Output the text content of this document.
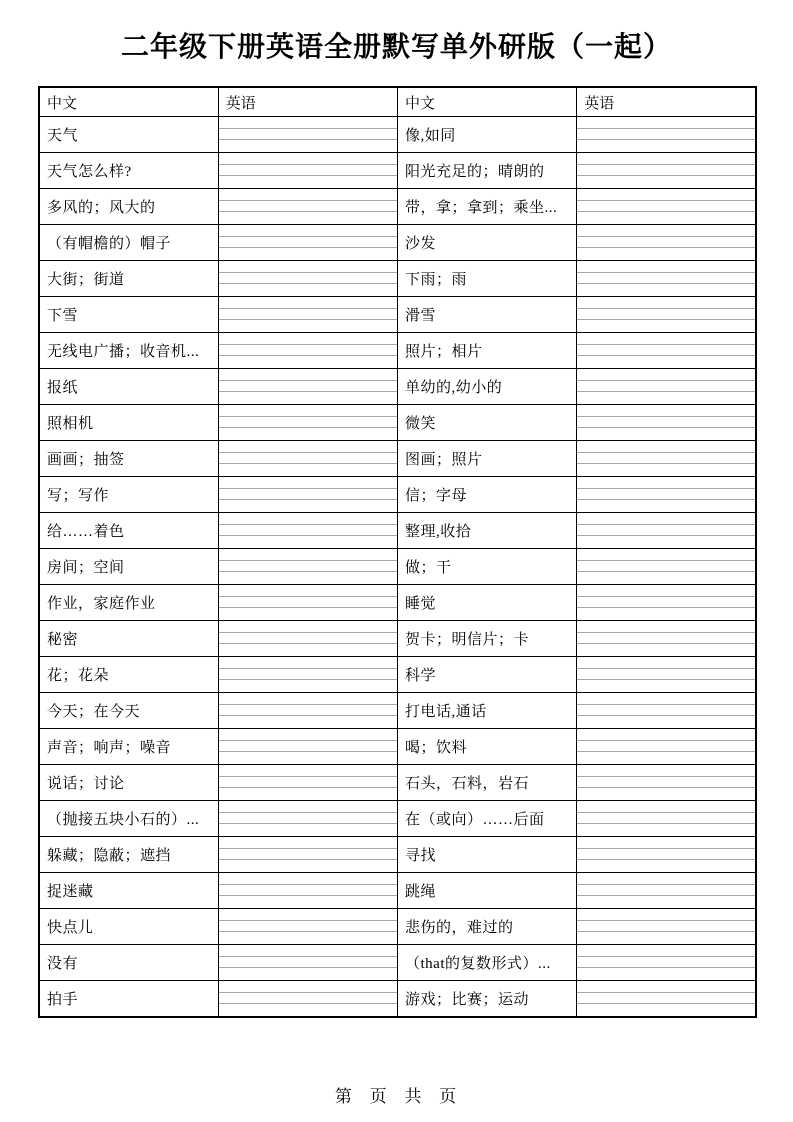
二年级下册英语全册默写单外研版（一起）
中文	英语	中文	英语
天气		像,如同	

天气怎么样?		阳光充足的；晴朗的	

多风的；风大的		带，拿；拿到；乘坐...	

（有帽檐的）帽子		沙发	

大街；街道		下雨；雨	

下雪		滑雪	

无线电广播；收音机...		照片；相片	

报纸		单幼的,幼小的	

照相机		微笑	

画画；抽签		图画；照片	

写；写作		信；字母	

给……着色		整理,收拾	

房间；空间		做；干	

作业，家庭作业		睡觉	

秘密		贺卡；明信片；卡	

花；花朵		科学	

今天；在今天		打电话,通话	

声音；响声；噪音		喝；饮料	

说话；讨论		石头，石料，岩石	

（抛接五块小石的）...		在（或向）……后面	

躲藏；隐蔽；遮挡		寻找	

捉迷藏		跳绳	

快点儿		悲伤的，难过的	

没有		（that的复数形式）...	

拍手		游戏；比赛；运动	
第 页 共 页
